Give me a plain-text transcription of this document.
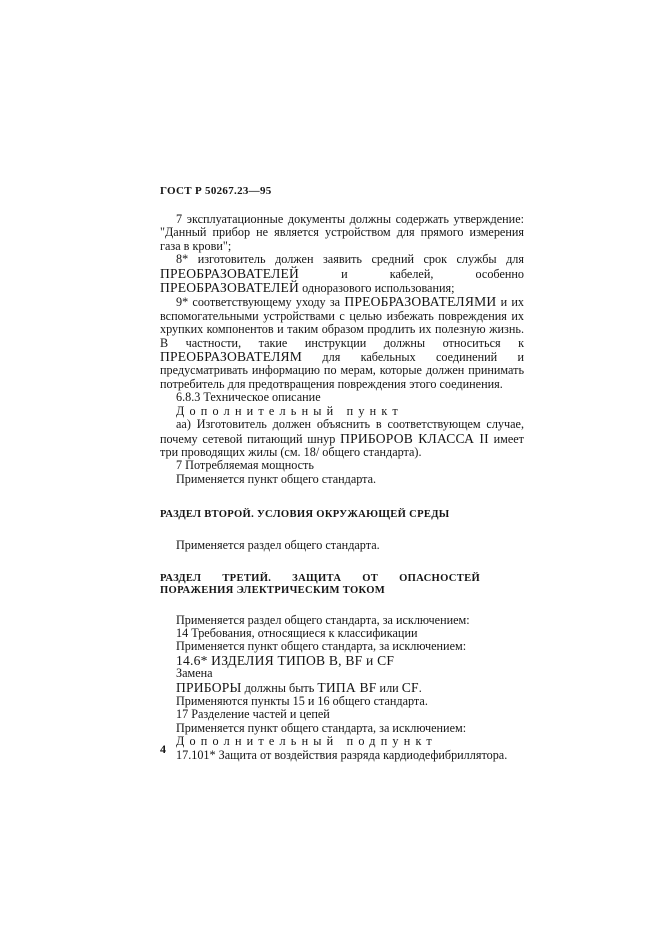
ГОСТ Р 50267.23—95

7 эксплуатационные документы должны содержать утверждение: "Данный прибор не является устройством для прямого измерения газа в крови";

8* изготовитель должен заявить средний срок службы для ПРЕОБРАЗОВАТЕЛЕЙ и кабелей, особенно ПРЕОБРАЗОВАТЕЛЕЙ одноразового использования;

9* соответствующему уходу за ПРЕОБРАЗОВАТЕЛЯМИ и их вспомогательными устройствами с целью избежать повреждения их хрупких компонентов и таким образом продлить их полезную жизнь. В частности, такие инструкции должны относиться к ПРЕОБРАЗОВАТЕЛЯМ для кабельных соединений и предусматривать информацию по мерам, которые должен принимать потребитель для предотвращения повреждения этого соединения.

6.8.3 Техническое описание

Дополнительный пункт

аа) Изготовитель должен объяснить в соответствующем случае, почему сетевой питающий шнур ПРИБОРОВ КЛАССА II имеет три проводящих жилы (см. 18/ общего стандарта).

7 Потребляемая мощность

Применяется пункт общего стандарта.

РАЗДЕЛ ВТОРОЙ. УСЛОВИЯ ОКРУЖАЮЩЕЙ СРЕДЫ

Применяется раздел общего стандарта.

РАЗДЕЛ ТРЕТИЙ. ЗАЩИТА ОТ ОПАСНОСТЕЙ ПОРАЖЕНИЯ ЭЛЕКТРИЧЕСКИМ ТОКОМ

Применяется раздел общего стандарта, за исключением:

14 Требования, относящиеся к классификации

Применяется пункт общего стандарта, за исключением:

14.6* ИЗДЕЛИЯ ТИПОВ В, BF и CF

Замена

ПРИБОРЫ должны быть ТИПА BF или CF.

Применяются пункты 15 и 16 общего стандарта.

17 Разделение частей и цепей

Применяется пункт общего стандарта, за исключением:

Дополнительный подпункт

17.101* Защита от воздействия разряда кардиодефибриллятора.

4
